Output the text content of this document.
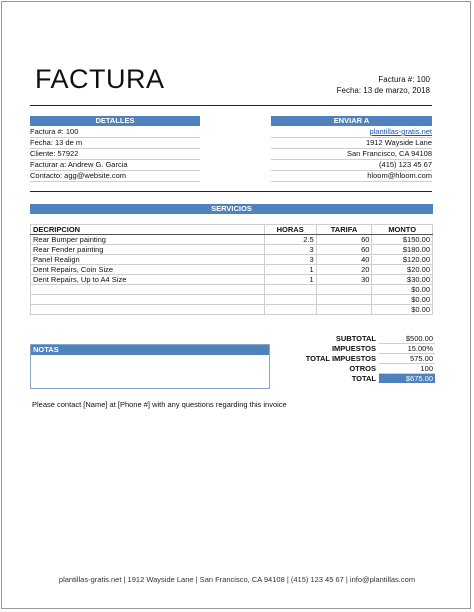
FACTURA	Factura #: 100
Fecha: 13 de marzo, 2018
DETALLES
Factura #: 100
Fecha: 13 de m
Cliente: 57922
Facturar a: Andrew G. Garcia
Contacto: agg@website.com
ENVIAR A
plantillas-gratis.net
1912 Wayside Lane
San Francisco, CA 94108
(415) 123 45 67
hloom@hloom.com
SERVICIOS
DECRIPCION	HORAS	TARIFA	MONTO
Rear Bumper painting	2.5	60	$150.00
Rear Fender painting	3	60	$180.00
Panel Realign	3	40	$120.00
Dent Repairs, Coin Size	1	20	$20.00
Dent Repairs, Up to A4 Size	1	30	$30.00
			$0.00
			$0.00
			$0.00
NOTAS
SUBTOTAL	$500.00
IMPUESTOS	15.00%
TOTAL IMPUESTOS	575.00
OTROS	100
TOTAL	$675.00
Please contact [Name] at [Phone #] with any questions regarding this invoice
plantillas-gratis.net | 1912 Wayside Lane | San Francisco, CA 94108 | (415) 123 45 67 | info@plantillas.com
